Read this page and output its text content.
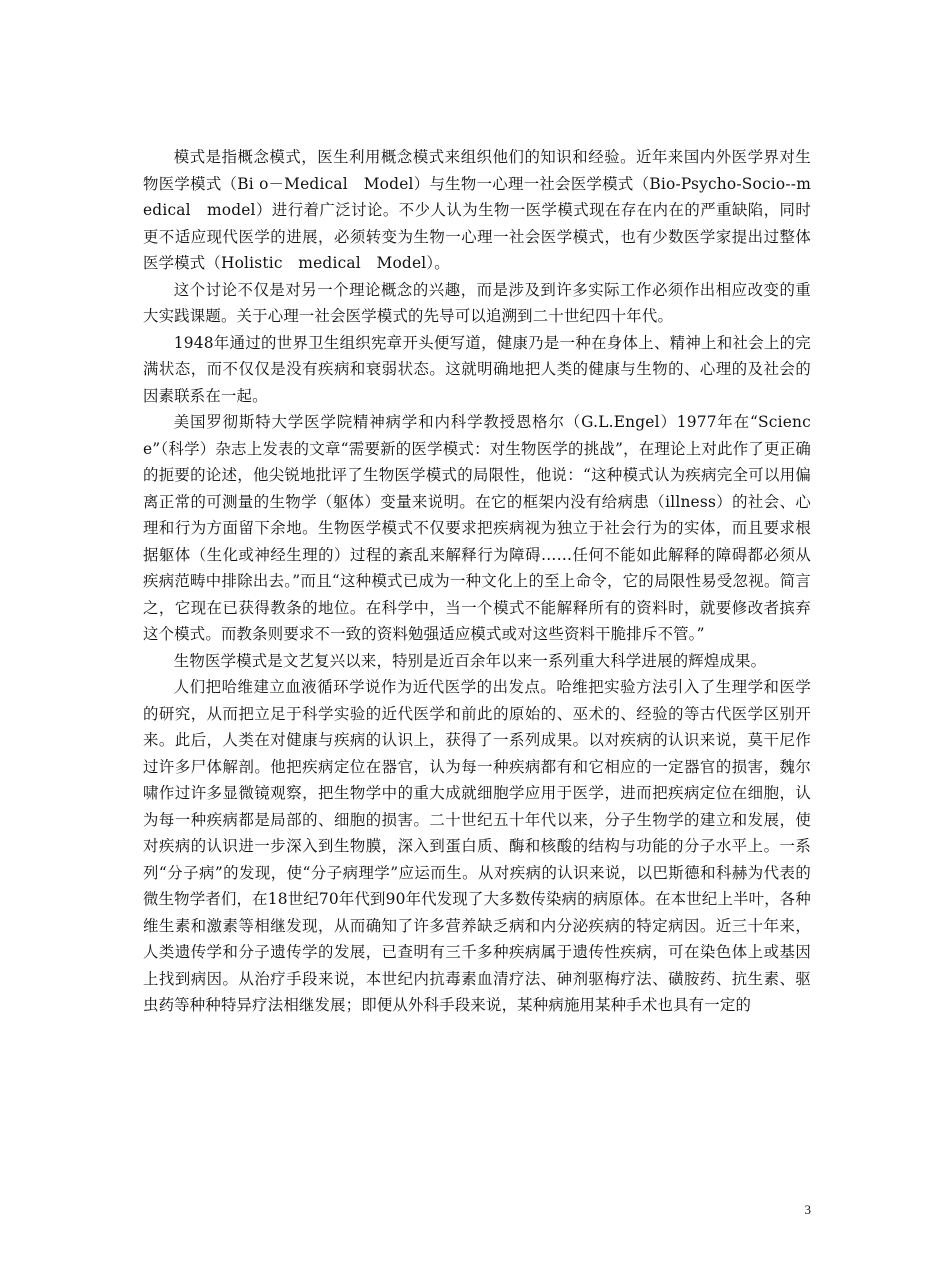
模式是指概念模式，医生利用概念模式来组织他们的知识和经验。近年来国内外医学界对生物医学模式（Bi o－Medical　Model）与生物一心理一社会医学模式（Bio-Psycho-Socio--medical　model）进行着广泛讨论。不少人认为生物一医学模式现在存在内在的严重缺陷，同时更不适应现代医学的进展，必须转变为生物一心理一社会医学模式，也有少数医学家提出过整体医学模式（Holistic　medical　Model）。

这个讨论不仅是对另一个理论概念的兴趣，而是涉及到许多实际工作必须作出相应改变的重大实践课题。关于心理一社会医学模式的先导可以追溯到二十世纪四十年代。

1948年通过的世界卫生组织宪章开头便写道，健康乃是一种在身体上、精神上和社会上的完满状态，而不仅仅是没有疾病和衰弱状态。这就明确地把人类的健康与生物的、心理的及社会的因素联系在一起。

美国罗彻斯特大学医学院精神病学和内科学教授恩格尔（G.L.Engel）1977年在“Science”（科学）杂志上发表的文章“需要新的医学模式：对生物医学的挑战”，在理论上对此作了更正确的扼要的论述，他尖锐地批评了生物医学模式的局限性，他说：“这种模式认为疾病完全可以用偏离正常的可测量的生物学（躯体）变量来说明。在它的框架内没有给病患（illness）的社会、心理和行为方面留下余地。生物医学模式不仅要求把疾病视为独立于社会行为的实体，而且要求根据躯体（生化或神经生理的）过程的紊乱来解释行为障碍……任何不能如此解释的障碍都必须从疾病范畴中排除出去。”而且“这种模式已成为一种文化上的至上命令，它的局限性易受忽视。简言之，它现在已获得教条的地位。在科学中，当一个模式不能解释所有的资料时，就要修改者摈弃这个模式。而教条则要求不一致的资料勉强适应模式或对这些资料干脆排斥不管。”

生物医学模式是文艺复兴以来，特别是近百余年以来一系列重大科学进展的辉煌成果。

人们把哈维建立血液循环学说作为近代医学的出发点。哈维把实验方法引入了生理学和医学的研究，从而把立足于科学实验的近代医学和前此的原始的、巫术的、经验的等古代医学区别开来。此后，人类在对健康与疾病的认识上，获得了一系列成果。以对疾病的认识来说，莫干尼作过许多尸体解剖。他把疾病定位在器官，认为每一种疾病都有和它相应的一定器官的损害，魏尔啸作过许多显微镜观察，把生物学中的重大成就细胞学应用于医学，进而把疾病定位在细胞，认为每一种疾病都是局部的、细胞的损害。二十世纪五十年代以来，分子生物学的建立和发展，使对疾病的认识进一步深入到生物膜，深入到蛋白质、酶和核酸的结构与功能的分子水平上。一系列“分子病”的发现，使“分子病理学”应运而生。从对疾病的认识来说，以巴斯德和科赫为代表的微生物学者们，在18世纪70年代到90年代发现了大多数传染病的病原体。在本世纪上半叶，各种维生素和激素等相继发现，从而确知了许多营养缺乏病和内分泌疾病的特定病因。近三十年来，人类遗传学和分子遗传学的发展，已查明有三千多种疾病属于遗传性疾病，可在染色体上或基因上找到病因。从治疗手段来说，本世纪内抗毒素血清疗法、砷剂驱梅疗法、磺胺药、抗生素、驱虫药等种种特异疗法相继发展；即便从外科手段来说，某种病施用某种手术也具有一定的

3
